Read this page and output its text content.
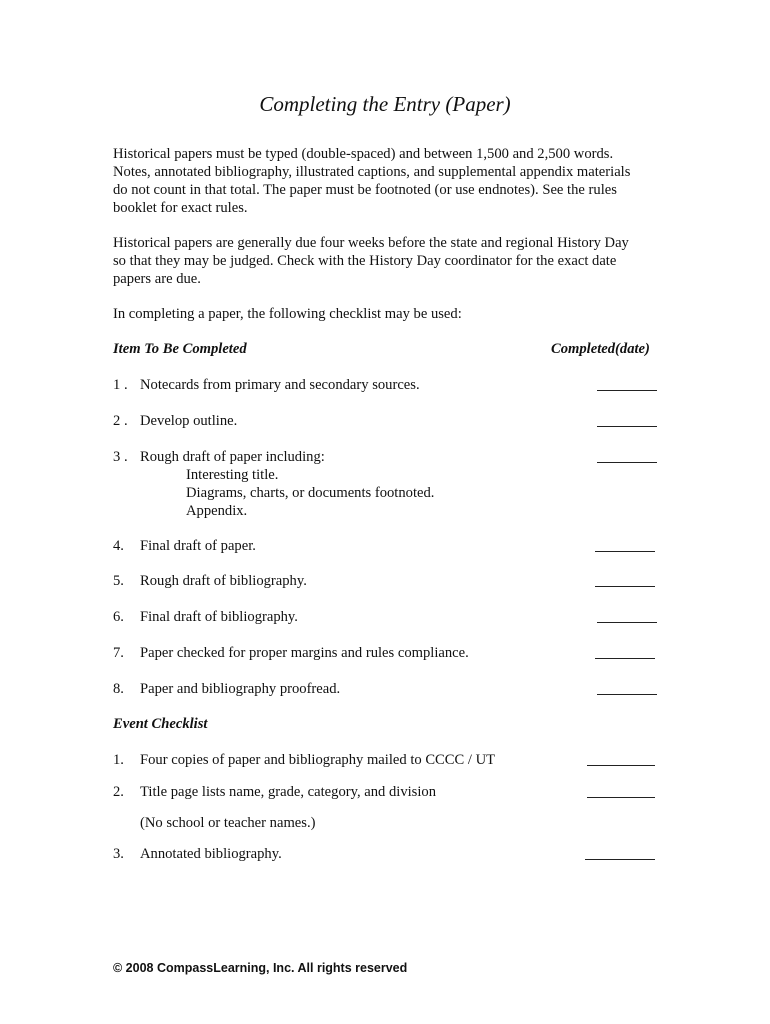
Completing the Entry (Paper)

Historical papers must be typed (double-spaced) and between 1,500 and 2,500 words.
Notes, annotated bibliography, illustrated captions, and supplemental appendix materials
do not count in that total. The paper must be footnoted (or use endnotes). See the rules
booklet for exact rules.

Historical papers are generally due four weeks before the state and regional History Day
so that they may be judged. Check with the History Day coordinator for the exact date
papers are due.

In completing a paper, the following checklist may be used:

Item To Be Completed	Completed(date)
1 . Notecards from primary and secondary sources.
2 . Develop outline.
3 . Rough draft of paper including:
Interesting title.
Diagrams, charts, or documents footnoted.
Appendix.
4. Final draft of paper.
5. Rough draft of bibliography.
6. Final draft of bibliography.
7. Paper checked for proper margins and rules compliance.
8. Paper and bibliography proofread.
Event Checklist
1. Four copies of paper and bibliography mailed to CCCC / UT
2. Title page lists name, grade, category, and division
(No school or teacher names.)
3. Annotated bibliography.
© 2008 CompassLearning, Inc. All rights reserved
